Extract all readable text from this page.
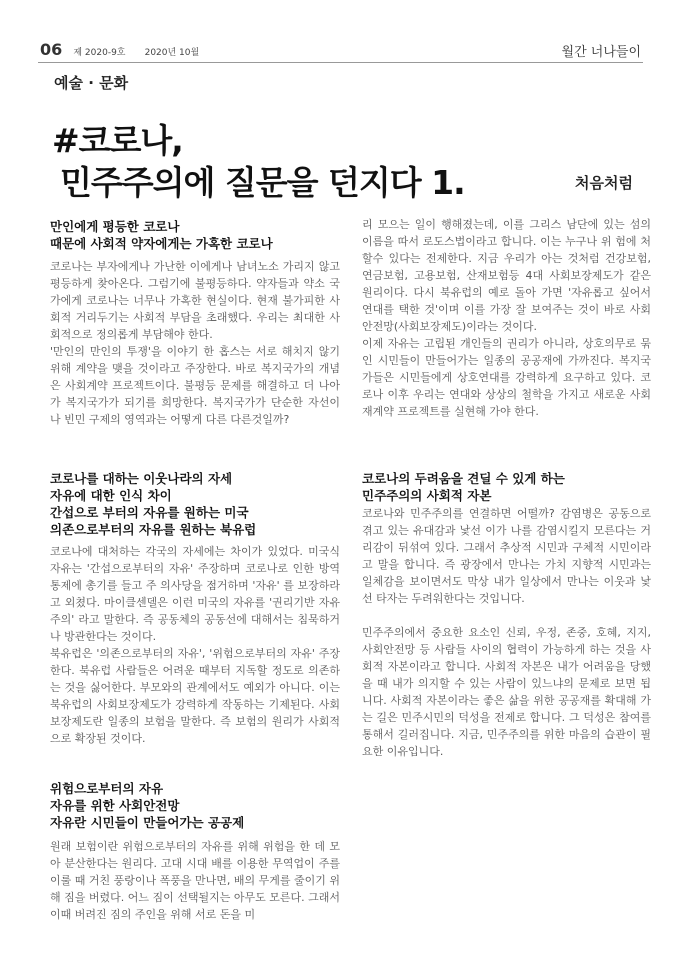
06 제 2020-9호 2020년 10월	월간 너나들이
예술 · 문화
#코로나,
민주주의에 질문을 던지다 1.	처음처럼
만인에게 평등한 코로나
때문에 사회적 약자에게는 가혹한 코로나

코로나는 부자에게나 가난한 이에게나 남녀노소 가리지 않고 평등하게 찾아온다. 그럼기에 불평등하다. 약자들과 약소 국가에게 코로나는 너무나 가혹한 현실이다. 현재 불가피한 사회적 거리두기는 사회적 부담을 초래했다. 우리는 최대한 사회적으로 정의롭게 부담해야 한다.

'만인의 만인의 투쟁'을 이야기 한 홉스는 서로 해치지 않기 위해 계약을 맺을 것이라고 주장한다. 바로 복지국가의 개념은 사회계약 프로젝트이다. 불평등 문제를 해결하고 더 나아가 복지국가가 되기를 희망한다. 복지국가가 단순한 자선이나 빈민 구제의 영역과는 어떻게 다른 다른것일까?

코로나를 대하는 이웃나라의 자세
자유에 대한 인식 차이
간섭으로 부터의 자유를 원하는 미국
의존으로부터의 자유를 원하는 북유럽

코로나에 대처하는 각국의 자세에는 차이가 있었다. 미국식 자유는 '간섭으로부터의 자유' 주장하며 코로나로 인한 방역 통제에 총기를 들고 주 의사당을 점거하며 '자유' 를 보장하라고 외쳤다. 마이클센델은 이런 미국의 자유를 '권리기반 자유주의' 라고 말한다. 즉 공동체의 공동선에 대해서는 침묵하거나 방관한다는 것이다.

북유럽은 '의존으로부터의 자유', '위험으로부터의 자유' 주장 한다. 북유럽 사람들은 어려운 때부터 지독할 정도로 의존하는 것을 싫어한다. 부모와의 관계에서도 예외가 아니다. 이는 북유럽의 사회보장제도가 강력하게 작동하는 기제된다. 사회보장제도란 일종의 보험을 말한다. 즉 보험의 원리가 사회적으로 확장된 것이다.

위험으로부터의 자유
자유를 위한 사회안전망
자유란 시민들이 만들어가는 공공제

원래 보험이란 위험으로부터의 자유를 위해 위험을 한 데 모아 분산한다는 원리다. 고대 시대 배를 이용한 무역업이 주를 이룰 때 거친 풍랑이나 폭풍을 만나면, 배의 무게를 줄이기 위해 짐을 버렸다. 어느 짐이 선택될지는 아무도 모른다. 그래서 이때 버려진 짐의 주인을 위해 서로 돈을 미

리 모으는 일이 행해졌는데, 이를 그리스 남단에 있는 섬의 이름을 따서 로도스법이라고 합니다. 이는 누구나 위 험에 처할수 있다는 전제한다. 지금 우리가 아는 것처럼 건강보험, 연금보험, 고용보험, 산재보험등 4대 사회보장제도가 같은 원리이다. 다시 북유럽의 예로 돌아 가면 '자유롭고 싶어서 연대를 택한 것'이며 이를 가장 잘 보여주는 것이 바로 사회안전망(사회보장제도)이라는 것이다.

이제 자유는 고립된 개인들의 권리가 아니라, 상호의무로 묶인 시민들이 만들어가는 일종의 공공재에 가까진다. 복지국가들은 시민들에게 상호연대를 강력하게 요구하고 있다. 코로나 이후 우리는 연대와 상상의 철학을 가지고 새로운 사회재계약 프로젝트를 실현해 가야 한다.

코로나의 두려움을 견딜 수 있게 하는
민주주의의 사회적 자본

코로나와 민주주의를 연결하면 어떨까? 감염병은 공동으로 겪고 있는 유대감과 낯선 이가 나를 감염시킬지 모른다는 거리감이 뒤섞여 있다. 그래서 추상적 시민과 구체적 시민이라고 말을 합니다. 즉 광장에서 만나는 가치 지향적 시민과는 일체감을 보이면서도 막상 내가 일상에서 만나는 이웃과 낯선 타자는 두려워한다는 것입니다.

민주주의에서 중요한 요소인 신뢰, 우정, 존중, 호혜, 지지, 사회안전망 등 사람들 사이의 협력이 가능하게 하는 것을 사회적 자본이라고 합니다. 사회적 자본은 내가 어려움을 당했을 때 내가 의지할 수 있는 사람이 있느냐의 문제로 보면 됩니다. 사회적 자본이라는 좋은 삶을 위한 공공재를 확대해 가는 길은 민주시민의 덕성을 전제로 합니다. 그 덕성은 참여를 통해서 길러집니다. 지금, 민주주의를 위한 마음의 습관이 필요한 이유입니다.
